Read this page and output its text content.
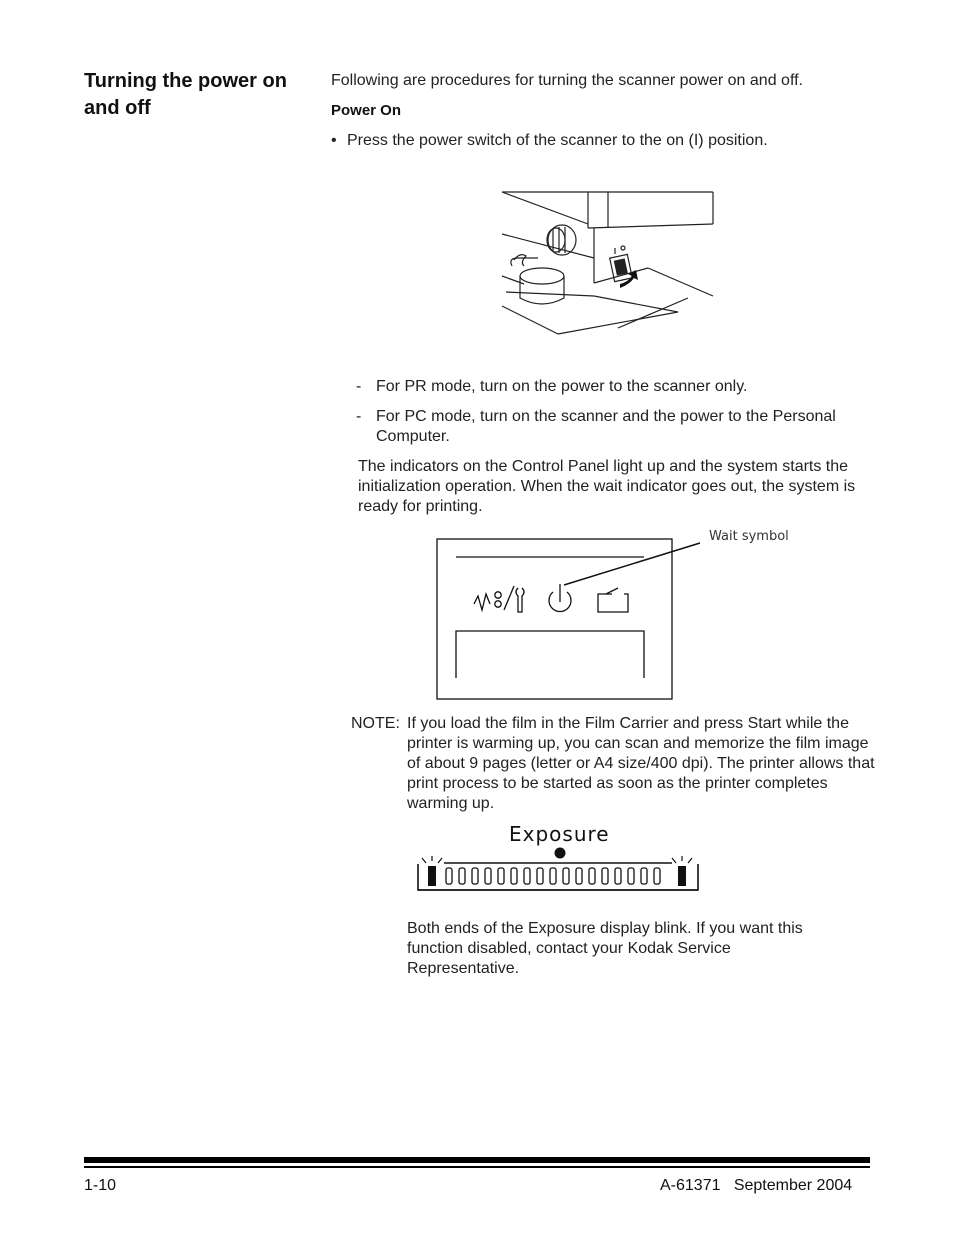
Turning the power on and off
Following are procedures for turning the scanner power on and off.
Power On
• Press the power switch of the scanner to the on (I) position.
- For PR mode, turn on the power to the scanner only.
- For PC mode, turn on the scanner and the power to the Personal Computer.
The indicators on the Control Panel light up and the system starts the initialization operation. When the wait indicator goes out, the system is ready for printing.
Wait symbol
NOTE: If you load the film in the Film Carrier and press Start while the printer is warming up, you can scan and memorize the film image of about 9 pages (letter or A4 size/400 dpi). The printer allows that print process to be started as soon as the printer completes warming up.
Exposure
Both ends of the Exposure display blink. If you want this function disabled, contact your Kodak Service Representative.
1-10	A-61371   September 2004
